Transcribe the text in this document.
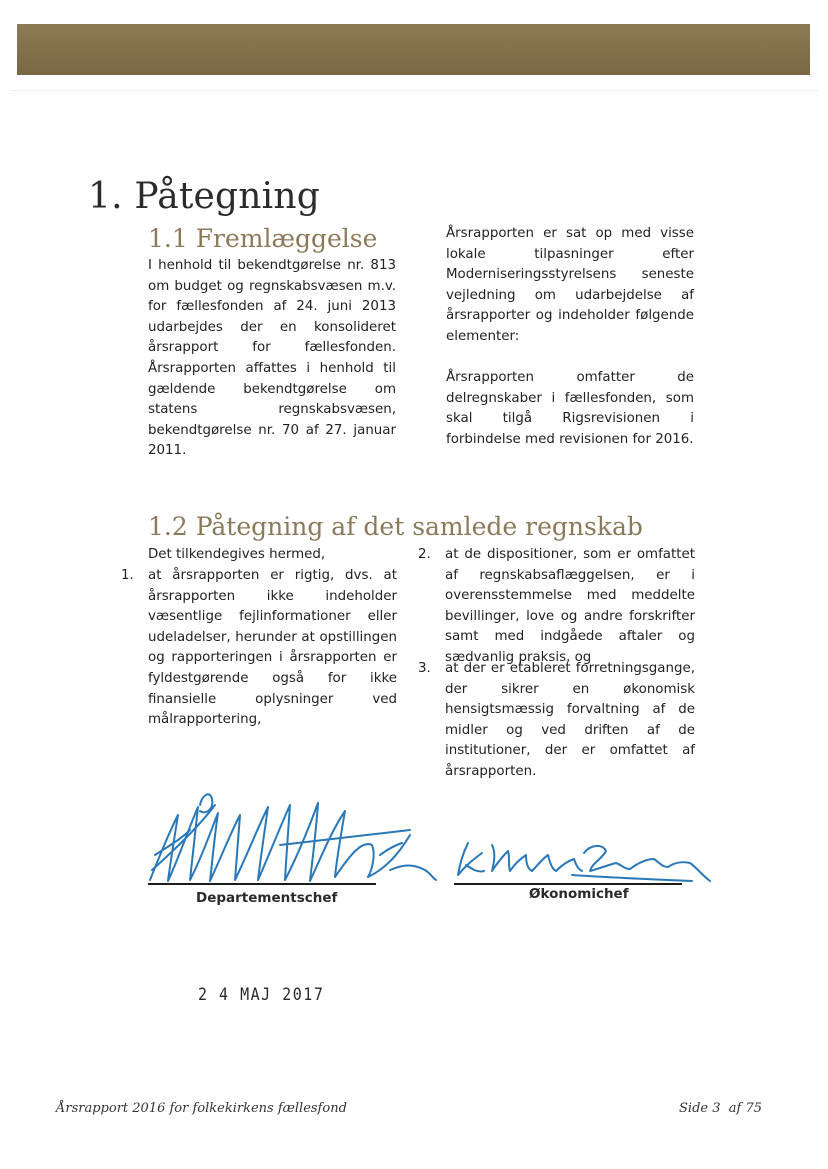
1. Påtegning
1.1 Fremlæggelse

I henhold til bekendtgørelse nr. 813 om budget og regnskabsvæsen m.v. for fællesfonden af 24. juni 2013 udarbejdes der en konsolideret årsrapport for fællesfonden. Årsrapporten affattes i henhold til gældende bekendtgørelse om statens regnskabsvæsen, bekendtgørelse nr. 70 af 27. januar 2011.

Årsrapporten er sat op med visse lokale tilpasninger efter Moderniseringsstyrelsens seneste vejledning om udarbejdelse af årsrapporter og indeholder følgende elementer:

Årsrapporten omfatter de delregnskaber i fællesfonden, som skal tilgå Rigsrevisionen i forbindelse med revisionen for 2016.

1.2 Påtegning af det samlede regnskab
Det tilkendegives hermed,
1. at årsrapporten er rigtig, dvs. at årsrapporten ikke indeholder væsentlige fejlinformationer eller udeladelser, herunder at opstillingen og rapporteringen i årsrapporten er fyldestgørende også for ikke finansielle oplysninger ved målrapportering,
2. at de dispositioner, som er omfattet af regnskabsaflæggelsen, er i overensstemmelse med meddelte bevillinger, love og andre forskrifter samt med indgåede aftaler og sædvanlig praksis, og
3. at der er etableret forretningsgange, der sikrer en økonomisk hensigtsmæssig forvaltning af de midler og ved driften af de institutioner, der er omfattet af årsrapporten.
Departementschef	Økonomichef
2 4 MAJ 2017
Årsrapport 2016 for folkekirkens fællesfond	Side 3  af 75
